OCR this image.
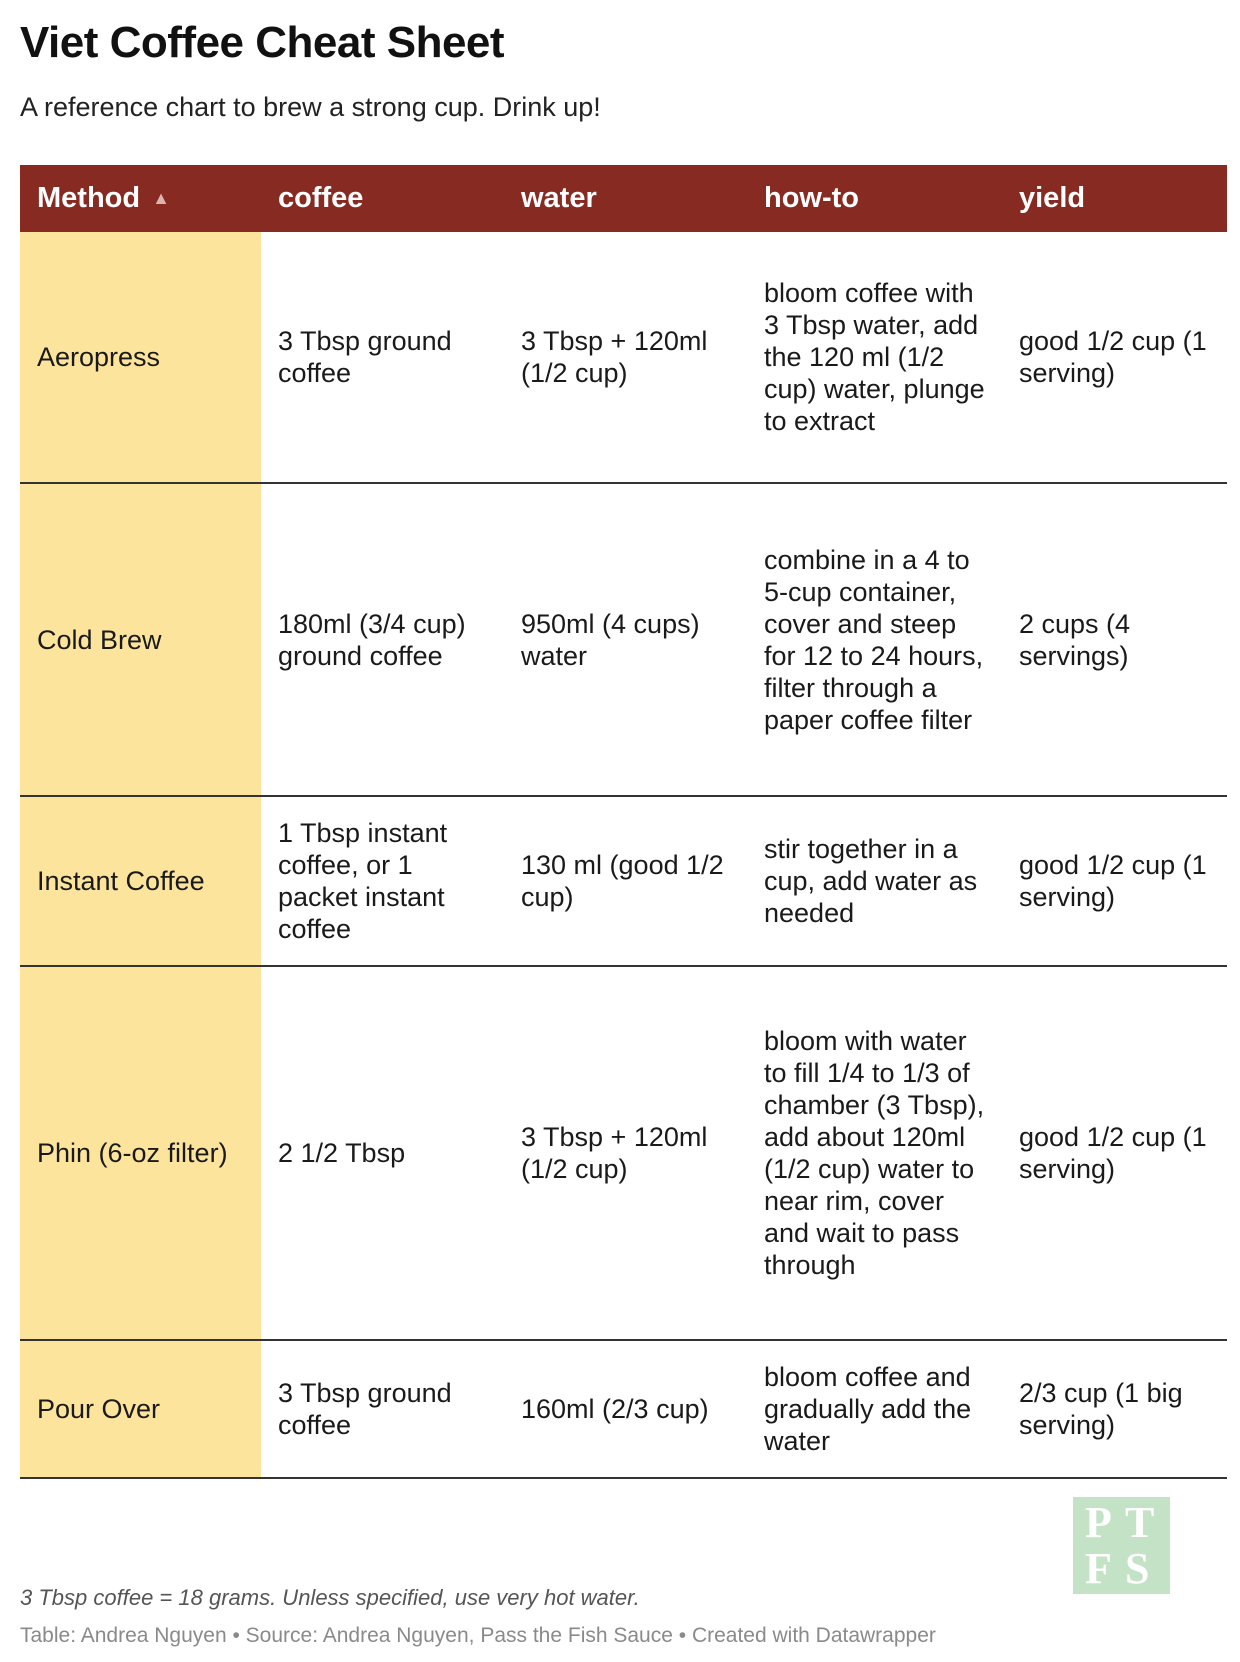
Viet Coffee Cheat Sheet
A reference chart to brew a strong cup. Drink up!
Method ▲	coffee	water	how-to	yield
Aeropress	3 Tbsp ground coffee	3 Tbsp + 120ml (1/2 cup)	bloom coffee with 3 Tbsp water, add the 120 ml (1/2 cup) water, plunge to extract	good 1/2 cup (1 serving)
Cold Brew	180ml (3/4 cup) ground coffee	950ml (4 cups) water	combine in a 4 to 5-cup container, cover and steep for 12 to 24 hours, filter through a paper coffee filter	2 cups (4 servings)
Instant Coffee	1 Tbsp instant coffee, or 1 packet instant coffee	130 ml (good 1/2 cup)	stir together in a cup, add water as needed	good 1/2 cup (1 serving)
Phin (6-oz filter)	2 1/2 Tbsp	3 Tbsp + 120ml (1/2 cup)	bloom with water to fill 1/4 to 1/3 of chamber (3 Tbsp), add about 120ml (1/2 cup) water to near rim, cover and wait to pass through	good 1/2 cup (1 serving)
Pour Over	3 Tbsp ground coffee	160ml (2/3 cup)	bloom coffee and gradually add the water	2/3 cup (1 big serving)
P T
F S
3 Tbsp coffee = 18 grams. Unless specified, use very hot water.
Table: Andrea Nguyen • Source: Andrea Nguyen, Pass the Fish Sauce • Created with Datawrapper
